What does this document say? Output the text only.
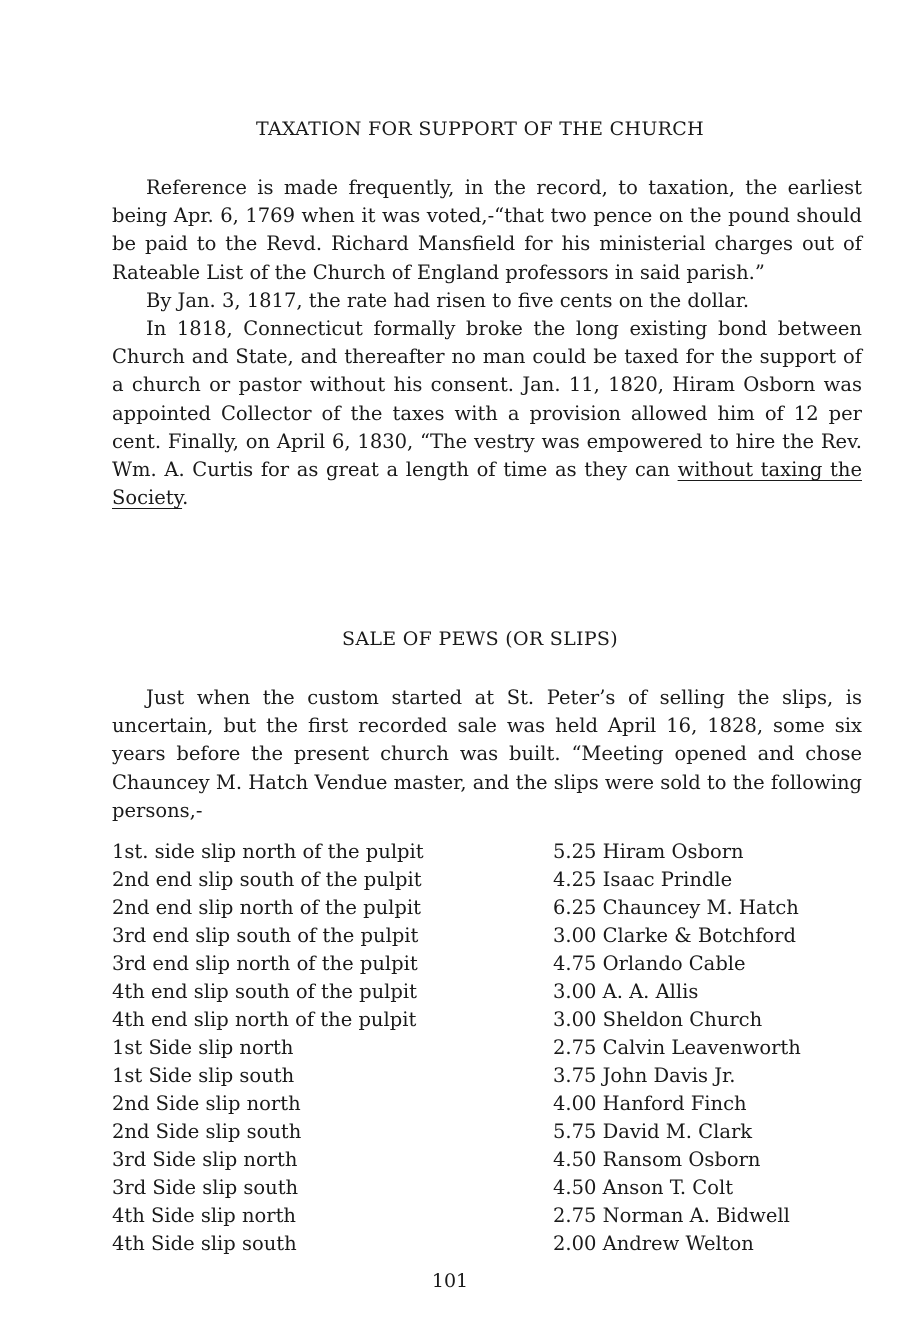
TAXATION FOR SUPPORT OF THE CHURCH

Reference is made frequently, in the record, to taxation, the earliest being Apr. 6, 1769 when it was voted,-“that two pence on the pound should be paid to the Revd. Richard Mansfield for his ministerial charges out of Rateable List of the Church of England professors in said parish.”

By Jan. 3, 1817, the rate had risen to five cents on the dollar.

In 1818, Connecticut formally broke the long existing bond between Church and State, and thereafter no man could be taxed for the support of a church or pastor without his consent. Jan. 11, 1820, Hiram Osborn was appointed Collector of the taxes with a provision allowed him of 12 per cent. Finally, on April 6, 1830, “The vestry was empowered to hire the Rev. Wm. A. Curtis for as great a length of time as they can without taxing the Society.

SALE OF PEWS (OR SLIPS)

Just when the custom started at St. Peter’s of selling the slips, is uncertain, but the first recorded sale was held April 16, 1828, some six years before the present church was built. “Meeting opened and chose Chauncey M. Hatch Vendue master, and the slips were sold to the following persons,-

1st. side slip north of the pulpit	5.25 Hiram Osborn
2nd end slip south of the pulpit	4.25 Isaac Prindle
2nd end slip north of the pulpit	6.25 Chauncey M. Hatch
3rd end slip south of the pulpit	3.00 Clarke & Botchford
3rd end slip north of the pulpit	4.75 Orlando Cable
4th end slip south of the pulpit	3.00 A. A. Allis
4th end slip north of the pulpit	3.00 Sheldon Church
1st Side slip north	2.75 Calvin Leavenworth
1st Side slip south	3.75 John Davis Jr.
2nd Side slip north	4.00 Hanford Finch
2nd Side slip south	5.75 David M. Clark
3rd Side slip north	4.50 Ransom Osborn
3rd Side slip south	4.50 Anson T. Colt
4th Side slip north	2.75 Norman A. Bidwell
4th Side slip south	2.00 Andrew Welton
101
